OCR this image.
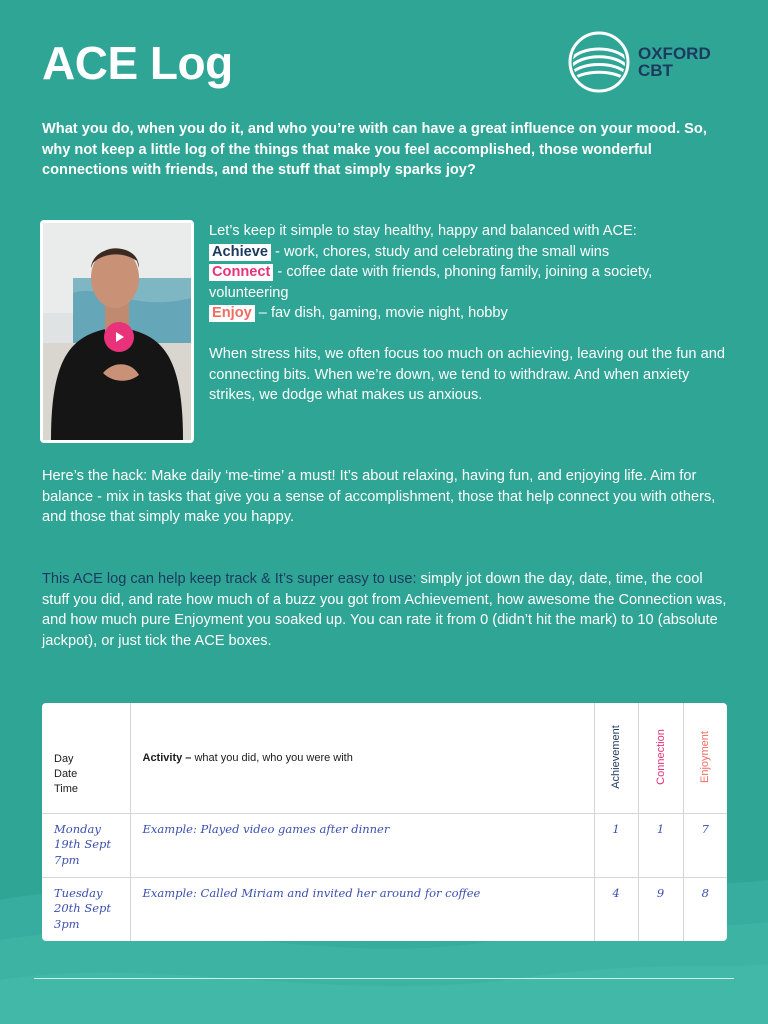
ACE Log	OXFORD
CBT

What you do, when you do it, and who you’re with can have a great influence on your mood. So, why not keep a little log of the things that make you feel accomplished, those wonderful connections with friends, and the stuff that simply sparks joy?

Let’s keep it simple to stay healthy, happy and balanced with ACE:
Achieve - work, chores, study and celebrating the small wins
Connect - coffee date with friends, phoning family, joining a society, volunteering
Enjoy – fav dish, gaming, movie night, hobby

When stress hits, we often focus too much on achieving, leaving out the fun and connecting bits. When we’re down, we tend to withdraw. And when anxiety strikes, we dodge what makes us anxious.

Here’s the hack: Make daily ‘me-time’ a must! It’s about relaxing, having fun, and enjoying life. Aim for balance - mix in tasks that give you a sense of accomplishment, those that help connect you with others, and those that simply make you happy.

This ACE log can help keep track & It’s super easy to use: simply jot down the day, date, time, the cool stuff you did, and rate how much of a buzz you got from Achievement, how awesome the Connection was, and how much pure Enjoyment you soaked up. You can rate it from 0 (didn’t hit the mark) to 10 (absolute jackpot), or just tick the ACE boxes.

Day
Date
Time	Activity – what you did, who you were with	Achievement	Connection	Enjoyment

Monday
19th Sept
7pm	Example: Played video games after dinner	1	1	7

Tuesday
20th Sept
3pm	Example: Called Miriam and invited her around for coffee	4	9	8
